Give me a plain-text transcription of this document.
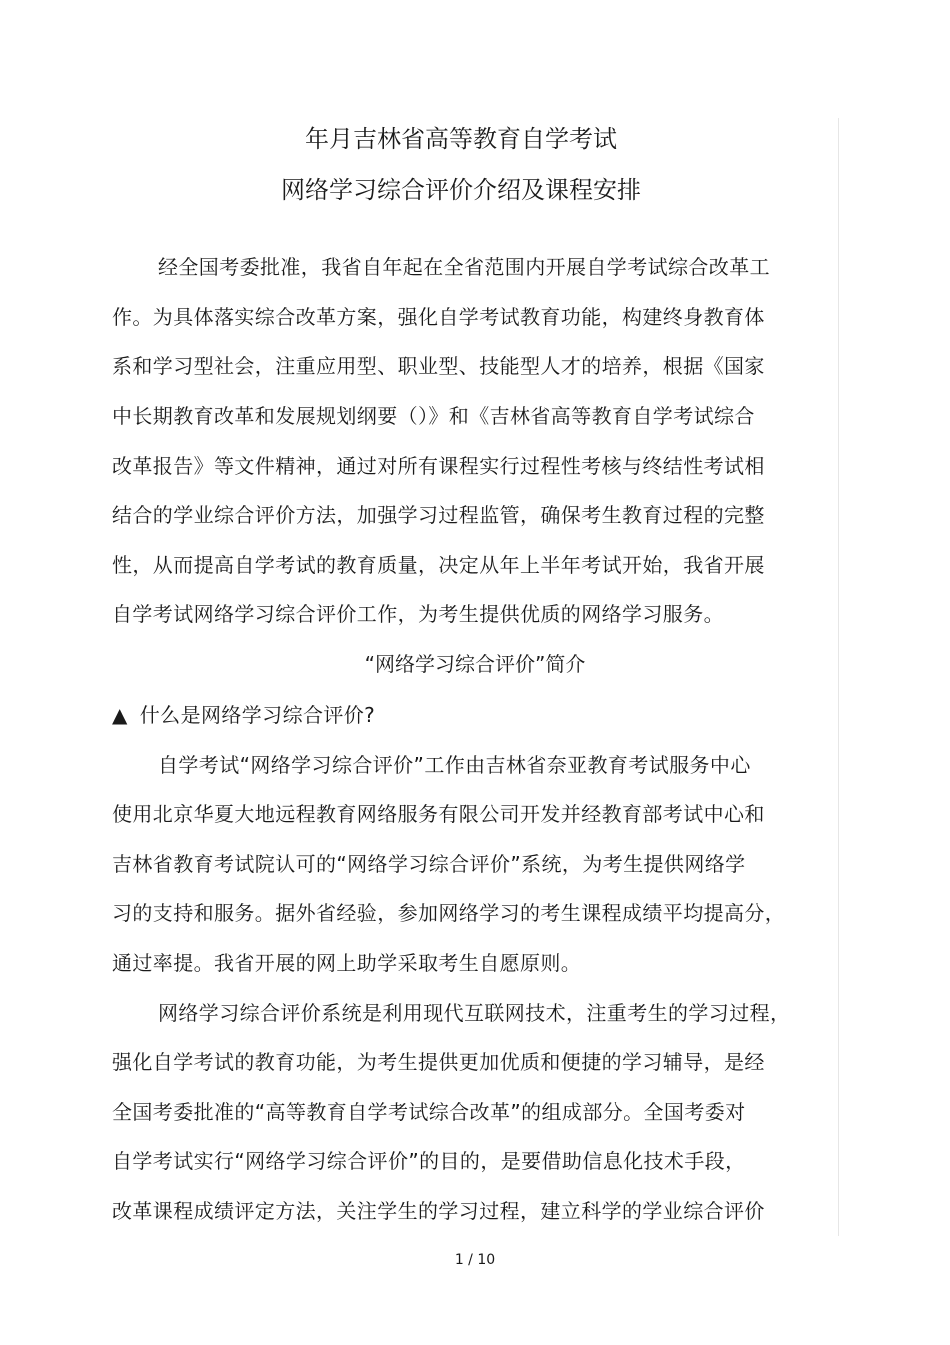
年月吉林省高等教育自学考试
网络学习综合评价介绍及课程安排
经全国考委批准，我省自年起在全省范围内开展自学考试综合改革工
作。为具体落实综合改革方案，强化自学考试教育功能，构建终身教育体
系和学习型社会，注重应用型、职业型、技能型人才的培养，根据《国家
中长期教育改革和发展规划纲要（）》和《吉林省高等教育自学考试综合
改革报告》等文件精神，通过对所有课程实行过程性考核与终结性考试相
结合的学业综合评价方法，加强学习过程监管，确保考生教育过程的完整
性，从而提高自学考试的教育质量，决定从年上半年考试开始，我省开展
自学考试网络学习综合评价工作，为考生提供优质的网络学习服务。
“网络学习综合评价”简介
▲ 什么是网络学习综合评价?
自学考试“网络学习综合评价”工作由吉林省奈亚教育考试服务中心
使用北京华夏大地远程教育网络服务有限公司开发并经教育部考试中心和
吉林省教育考试院认可的“网络学习综合评价”系统，为考生提供网络学
习的支持和服务。据外省经验，参加网络学习的考生课程成绩平均提高分，
通过率提。我省开展的网上助学采取考生自愿原则。
网络学习综合评价系统是利用现代互联网技术，注重考生的学习过程，
强化自学考试的教育功能，为考生提供更加优质和便捷的学习辅导，是经
全国考委批准的“高等教育自学考试综合改革”的组成部分。全国考委对
自学考试实行“网络学习综合评价”的目的，是要借助信息化技术手段，
改革课程成绩评定方法，关注学生的学习过程，建立科学的学业综合评价
1 / 10
